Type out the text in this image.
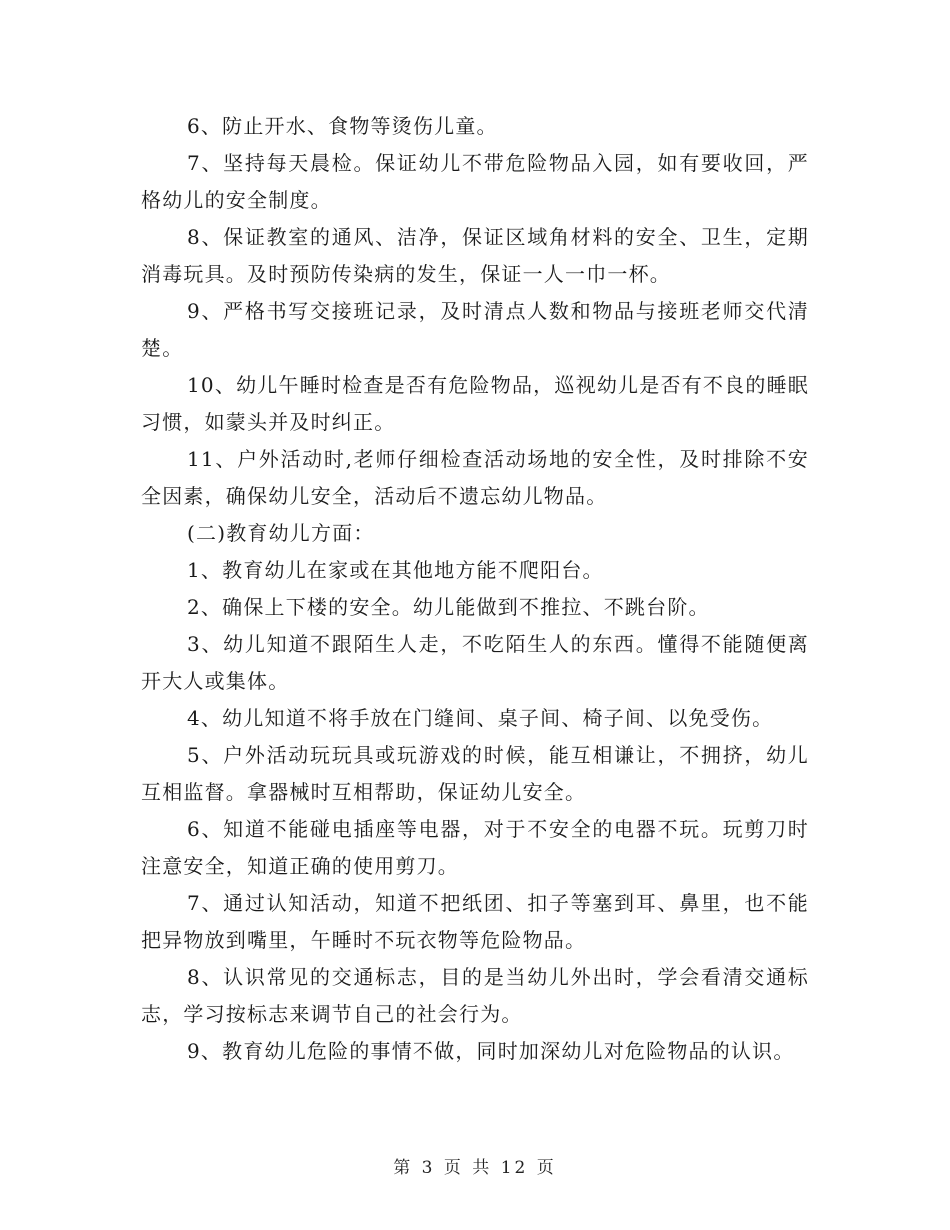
6、防止开水、食物等烫伤儿童。

7、坚持每天晨检。保证幼儿不带危险物品入园，如有要收回，严格幼儿的安全制度。

8、保证教室的通风、洁净，保证区域角材料的安全、卫生，定期消毒玩具。及时预防传染病的发生，保证一人一巾一杯。

9、严格书写交接班记录，及时清点人数和物品与接班老师交代清楚。

10、幼儿午睡时检查是否有危险物品，巡视幼儿是否有不良的睡眠习惯，如蒙头并及时纠正。

11、户外活动时,老师仔细检查活动场地的安全性，及时排除不安全因素，确保幼儿安全，活动后不遗忘幼儿物品。

(二)教育幼儿方面：

1、教育幼儿在家或在其他地方能不爬阳台。

2、确保上下楼的安全。幼儿能做到不推拉、不跳台阶。

3、幼儿知道不跟陌生人走，不吃陌生人的东西。懂得不能随便离开大人或集体。

4、幼儿知道不将手放在门缝间、桌子间、椅子间、以免受伤。

5、户外活动玩玩具或玩游戏的时候，能互相谦让，不拥挤，幼儿互相监督。拿器械时互相帮助，保证幼儿安全。

6、知道不能碰电插座等电器，对于不安全的电器不玩。玩剪刀时注意安全，知道正确的使用剪刀。

7、通过认知活动，知道不把纸团、扣子等塞到耳、鼻里，也不能把异物放到嘴里，午睡时不玩衣物等危险物品。

8、认识常见的交通标志，目的是当幼儿外出时，学会看清交通标志，学习按标志来调节自己的社会行为。

9、教育幼儿危险的事情不做，同时加深幼儿对危险物品的认识。

第 3 页 共 12 页
